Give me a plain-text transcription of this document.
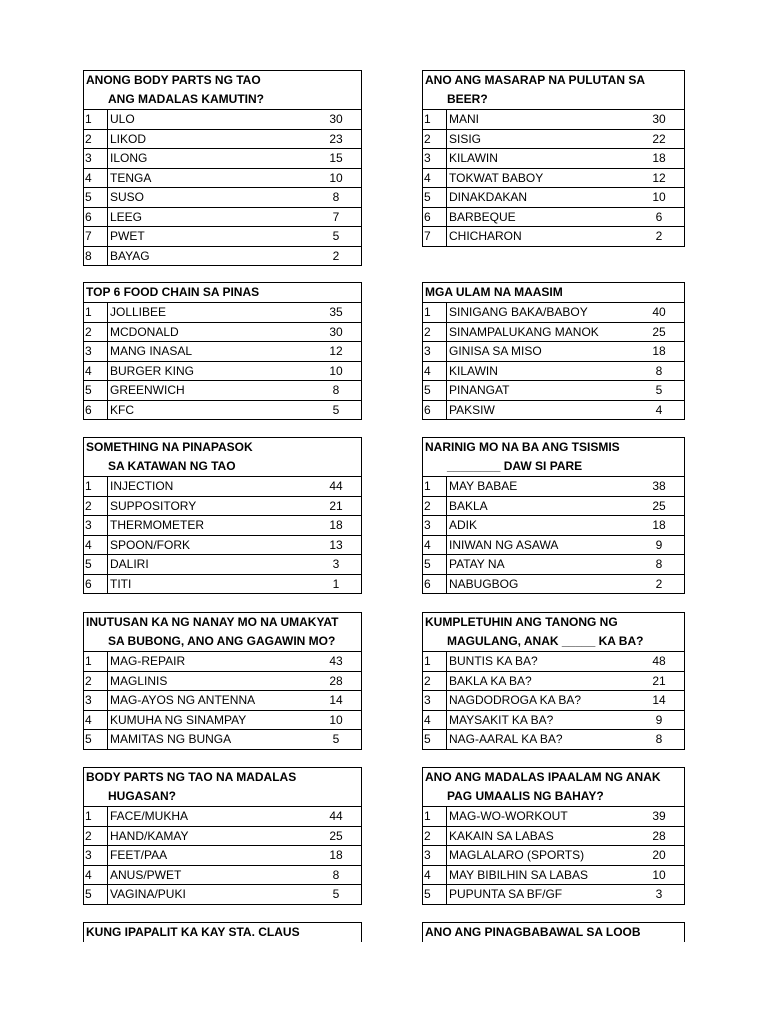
ANONG BODY PARTS NG TAO
ANG MADALAS KAMUTIN?
1	ULO	30
2	LIKOD	23
3	ILONG	15
4	TENGA	10
5	SUSO	8
6	LEEG	7
7	PWET	5
8	BAYAG	2
ANO ANG MASARAP NA PULUTAN SA
BEER?
1	MANI	30
2	SISIG	22
3	KILAWIN	18
4	TOKWAT BABOY	12
5	DINAKDAKAN	10
6	BARBEQUE	6
7	CHICHARON	2
TOP 6 FOOD CHAIN SA PINAS
1	JOLLIBEE	35
2	MCDONALD	30
3	MANG INASAL	12
4	BURGER KING	10
5	GREENWICH	8
6	KFC	5
MGA ULAM NA MAASIM
1	SINIGANG BAKA/BABOY	40
2	SINAMPALUKANG MANOK	25
3	GINISA SA MISO	18
4	KILAWIN	8
5	PINANGAT	5
6	PAKSIW	4
SOMETHING NA PINAPASOK
SA KATAWAN NG TAO
1	INJECTION	44
2	SUPPOSITORY	21
3	THERMOMETER	18
4	SPOON/FORK	13
5	DALIRI	3
6	TITI	1
NARINIG MO NA BA ANG TSISMIS
________ DAW SI PARE
1	MAY BABAE	38
2	BAKLA	25
3	ADIK	18
4	INIWAN NG ASAWA	9
5	PATAY NA	8
6	NABUGBOG	2
INUTUSAN KA NG NANAY MO NA UMAKYAT
SA BUBONG, ANO ANG GAGAWIN MO?
1	MAG-REPAIR	43
2	MAGLINIS	28
3	MAG-AYOS NG ANTENNA	14
4	KUMUHA NG SINAMPAY	10
5	MAMITAS NG BUNGA	5
KUMPLETUHIN ANG TANONG NG
MAGULANG, ANAK _____ KA BA?
1	BUNTIS KA BA?	48
2	BAKLA KA BA?	21
3	NAGDODROGA KA BA?	14
4	MAYSAKIT KA BA?	9
5	NAG-AARAL KA BA?	8
BODY PARTS NG TAO NA MADALAS
HUGASAN?
1	FACE/MUKHA	44
2	HAND/KAMAY	25
3	FEET/PAA	18
4	ANUS/PWET	8
5	VAGINA/PUKI	5
ANO ANG MADALAS IPAALAM NG ANAK
PAG UMAALIS NG BAHAY?
1	MAG-WO-WORKOUT	39
2	KAKAIN SA LABAS	28
3	MAGLALARO (SPORTS)	20
4	MAY BIBILHIN SA LABAS	10
5	PUPUNTA SA BF/GF	3
KUNG IPAPALIT KA KAY STA. CLAUS	ANO ANG PINAGBABAWAL SA LOOB
